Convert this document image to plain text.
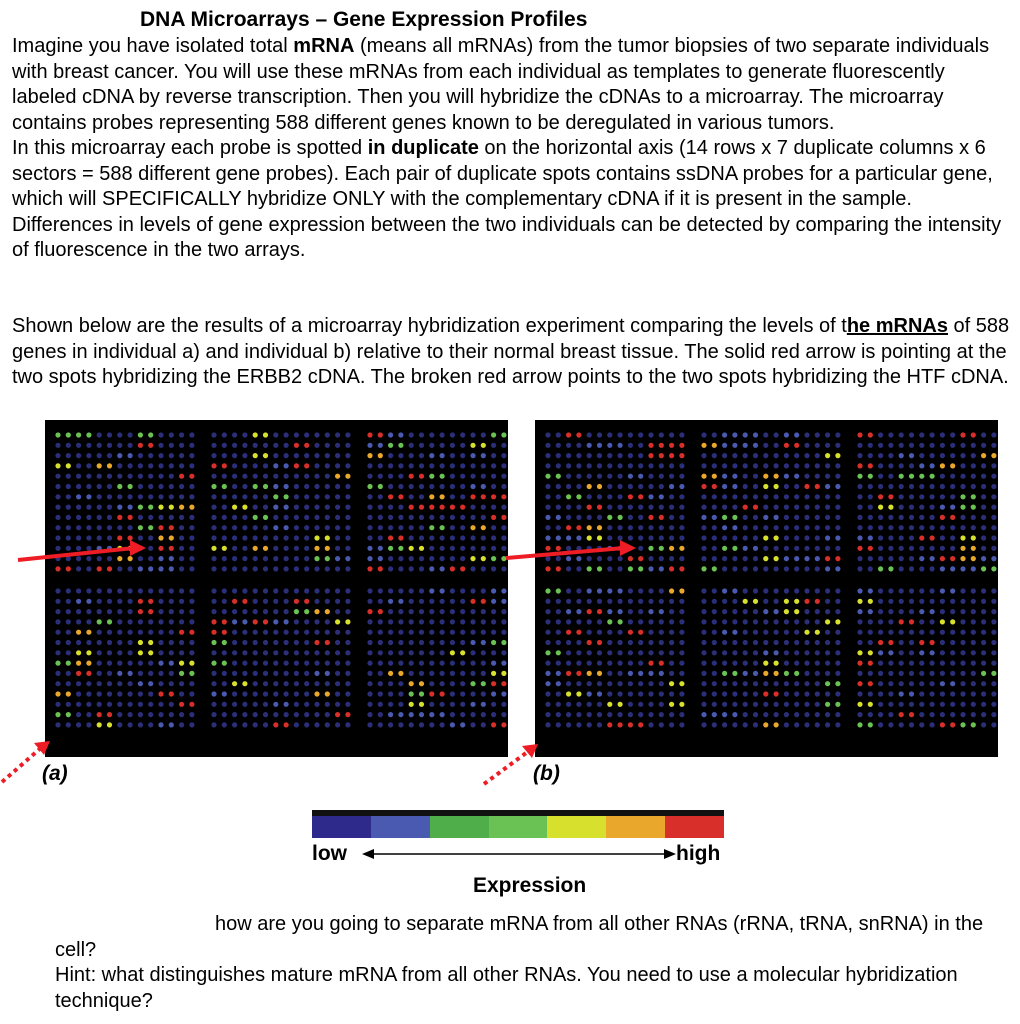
DNA Microarrays – Gene Expression Profiles
Imagine you have isolated total mRNA (means all mRNAs) from the tumor biopsies of two separate individuals with breast cancer. You will use these mRNAs from each individual as templates to generate fluorescently labeled cDNA by reverse transcription. Then you will hybridize the cDNAs to a microarray. The microarray contains probes representing 588 different genes known to be deregulated in various tumors.
In this microarray each probe is spotted in duplicate on the horizontal axis (14 rows x 7 duplicate columns x 6 sectors = 588 different gene probes). Each pair of duplicate spots contains ssDNA probes for a particular gene, which will SPECIFICALLY hybridize ONLY with the complementary cDNA if it is present in the sample. Differences in levels of gene expression between the two individuals can be detected by comparing the intensity of fluorescence in the two arrays.
Shown below are the results of a microarray hybridization experiment comparing the levels of the mRNAs of 588 genes in individual a) and individual b) relative to their normal breast tissue. The solid red arrow is pointing at the two spots hybridizing the ERBB2 cDNA. The broken red arrow points to the two spots hybridizing the HTF cDNA.
(a)	(b)
low	high
Expression
how are you going to separate mRNA from all other RNAs (rRNA, tRNA, snRNA) in the cell?
Hint: what distinguishes mature mRNA from all other RNAs. You need to use a molecular hybridization technique?
